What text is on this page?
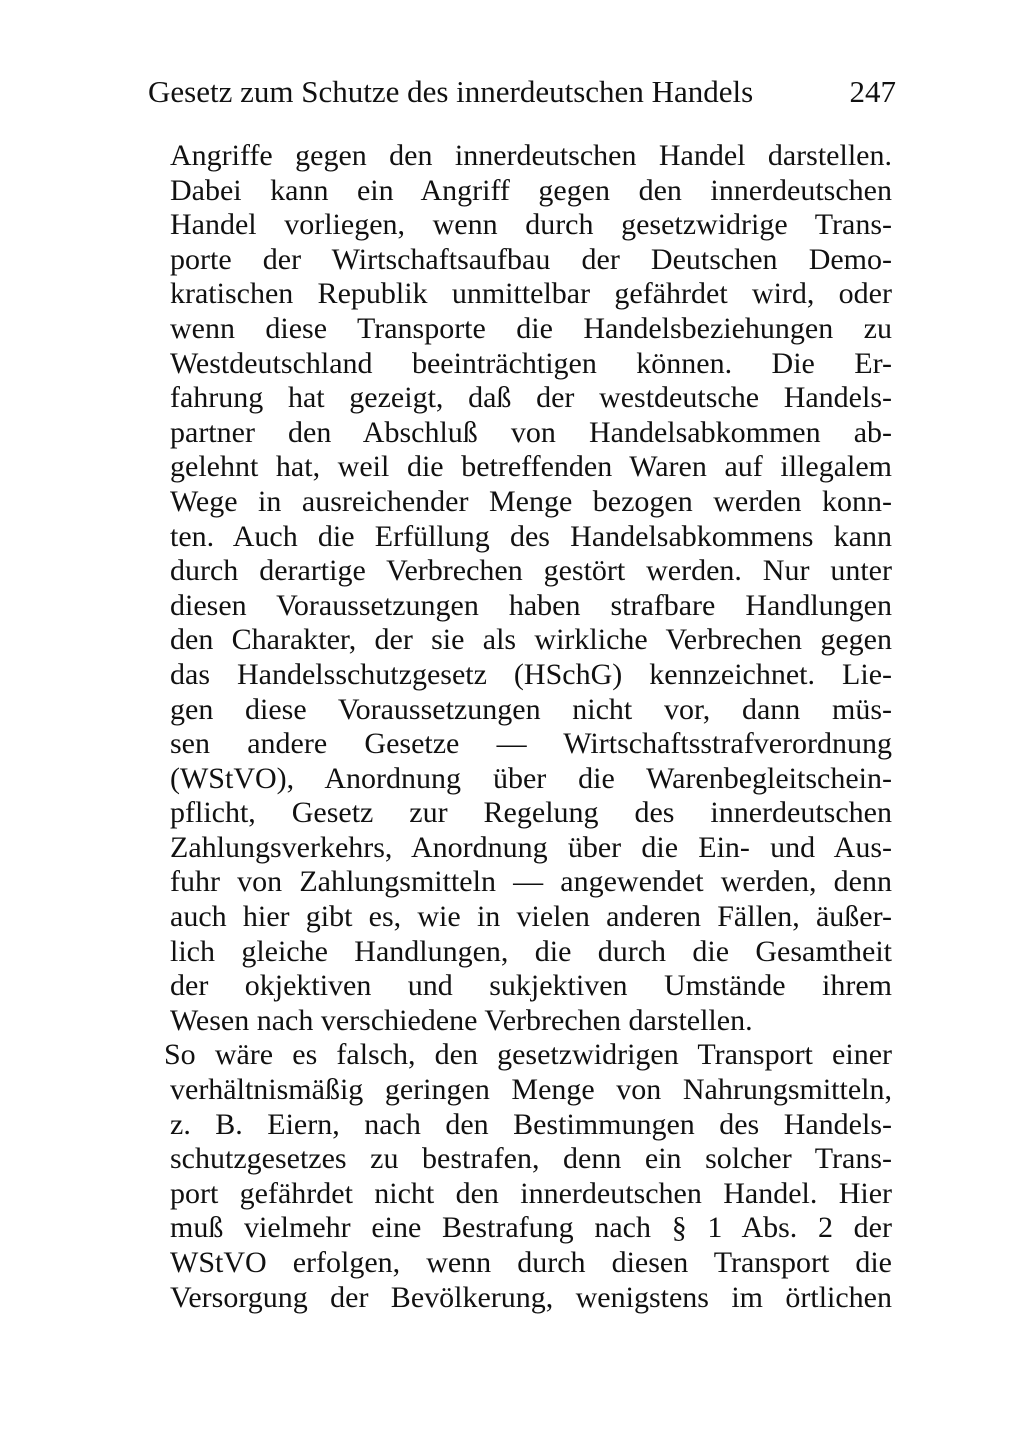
Gesetz zum Schutze des innerdeutschen Handels	247
Angriffe gegen den innerdeutschen Handel darstellen.
Dabei kann ein Angriff gegen den innerdeutschen
Handel vorliegen, wenn durch gesetzwidrige Trans-
porte der Wirtschaftsaufbau der Deutschen Demo-
kratischen Republik unmittelbar gefährdet wird, oder
wenn diese Transporte die Handelsbeziehungen zu
Westdeutschland beeinträchtigen können. Die Er-
fahrung hat gezeigt, daß der westdeutsche Handels-
partner den Abschluß von Handelsabkommen ab-
gelehnt hat, weil die betreffenden Waren auf illegalem
Wege in ausreichender Menge bezogen werden konn-
ten. Auch die Erfüllung des Handelsabkommens kann
durch derartige Verbrechen gestört werden. Nur unter
diesen Voraussetzungen haben strafbare Handlungen
den Charakter, der sie als wirkliche Verbrechen gegen
das Handelsschutzgesetz (HSchG) kennzeichnet. Lie-
gen diese Voraussetzungen nicht vor, dann müs-
sen andere Gesetze — Wirtschaftsstrafverordnung
(WStVO), Anordnung über die Warenbegleitschein-
pflicht, Gesetz zur Regelung des innerdeutschen
Zahlungsverkehrs, Anordnung über die Ein- und Aus-
fuhr von Zahlungsmitteln — angewendet werden, denn
auch hier gibt es, wie in vielen anderen Fällen, äußer-
lich gleiche Handlungen, die durch die Gesamtheit
der okjektiven und sukjektiven Umstände ihrem
Wesen nach verschiedene Verbrechen darstellen.
So wäre es falsch, den gesetzwidrigen Transport einer
verhältnismäßig geringen Menge von Nahrungsmitteln,
z. B. Eiern, nach den Bestimmungen des Handels-
schutzgesetzes zu bestrafen, denn ein solcher Trans-
port gefährdet nicht den innerdeutschen Handel. Hier
muß vielmehr eine Bestrafung nach § 1 Abs. 2 der
WStVO erfolgen, wenn durch diesen Transport die
Versorgung der Bevölkerung, wenigstens im örtlichen
